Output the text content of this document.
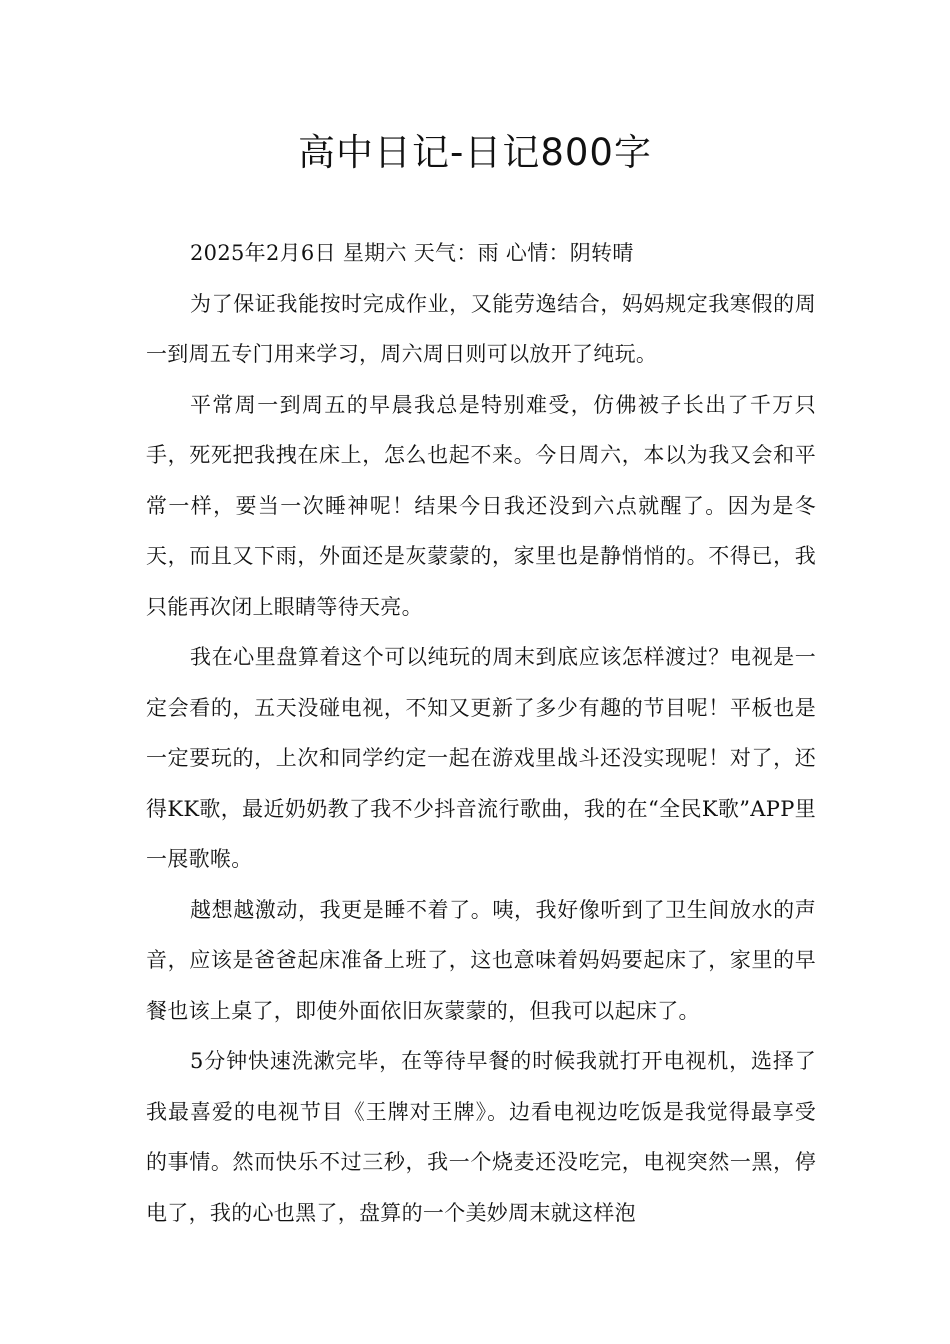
高中日记-日记800字

2025年2月6日 星期六 天气：雨 心情：阴转晴

为了保证我能按时完成作业，又能劳逸结合，妈妈规定我寒假的周一到周五专门用来学习，周六周日则可以放开了纯玩。

平常周一到周五的早晨我总是特别难受，仿佛被子长出了千万只手，死死把我拽在床上，怎么也起不来。今日周六，本以为我又会和平常一样，要当一次睡神呢！结果今日我还没到六点就醒了。因为是冬天，而且又下雨，外面还是灰蒙蒙的，家里也是静悄悄的。不得已，我只能再次闭上眼睛等待天亮。

我在心里盘算着这个可以纯玩的周末到底应该怎样渡过？电视是一定会看的，五天没碰电视，不知又更新了多少有趣的节目呢！平板也是一定要玩的，上次和同学约定一起在游戏里战斗还没实现呢！对了，还得KK歌，最近奶奶教了我不少抖音流行歌曲，我的在“全民K歌”APP里一展歌喉。

越想越激动，我更是睡不着了。咦，我好像听到了卫生间放水的声音，应该是爸爸起床准备上班了，这也意味着妈妈要起床了，家里的早餐也该上桌了，即使外面依旧灰蒙蒙的，但我可以起床了。

5分钟快速洗漱完毕，在等待早餐的时候我就打开电视机，选择了我最喜爱的电视节目《王牌对王牌》。边看电视边吃饭是我觉得最享受的事情。然而快乐不过三秒，我一个烧麦还没吃完，电视突然一黑，停电了，我的心也黑了，盘算的一个美妙周末就这样泡
